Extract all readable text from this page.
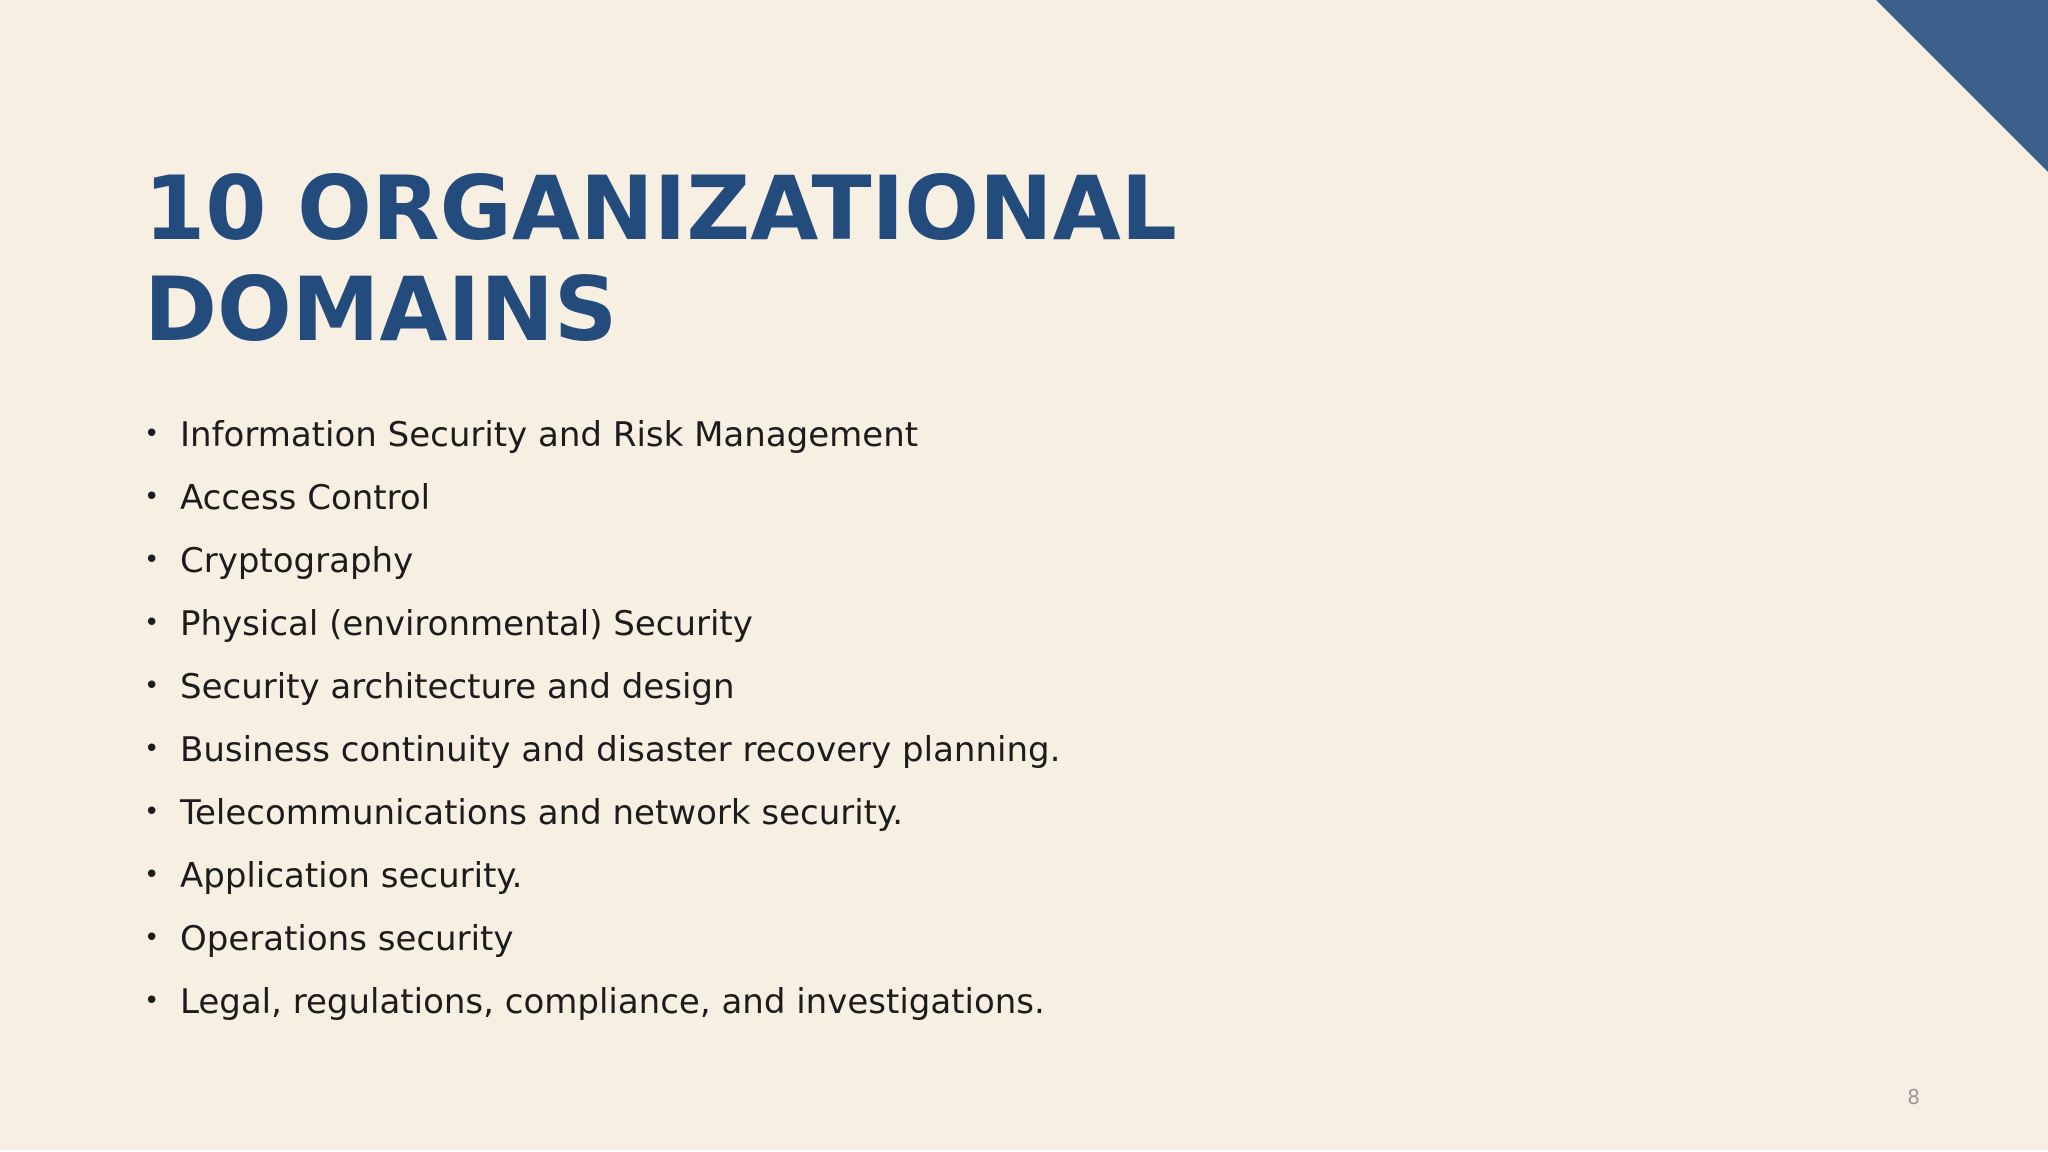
10 ORGANIZATIONAL
DOMAINS
• Information Security and Risk Management
• Access Control
• Cryptography
• Physical (environmental) Security
• Security architecture and design
• Business continuity and disaster recovery planning.
• Telecommunications and network security.
• Application security.
• Operations security
• Legal, regulations, compliance, and investigations.
8
